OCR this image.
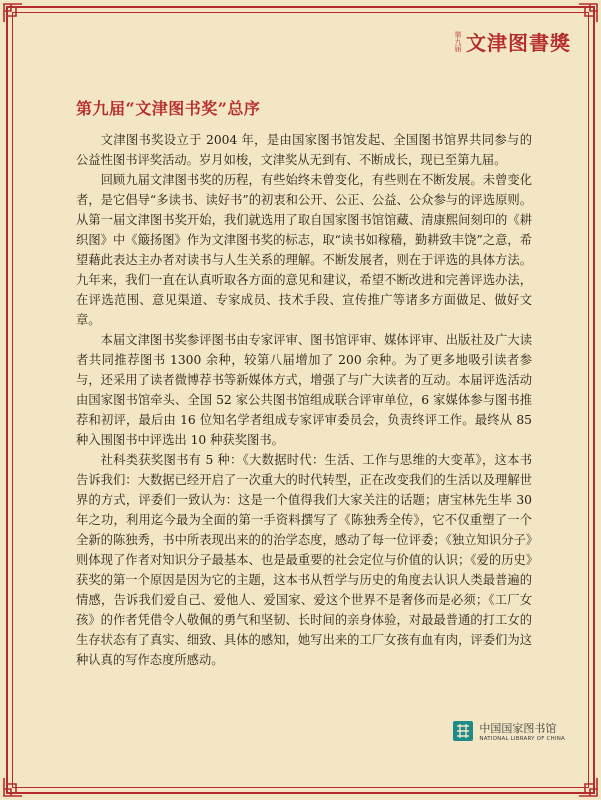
第九届 文津图書獎
第九届“文津图书奖”总序

文津图书奖设立于 2004 年，是由国家图书馆发起、全国图书馆界共同参与的公益性图书评奖活动。岁月如梭，文津奖从无到有、不断成长，现已至第九届。

回顾九届文津图书奖的历程，有些始终未曾变化，有些则在不断发展。未曾变化者，是它倡导“多读书、读好书”的初衷和公开、公正、公益、公众参与的评选原则。从第一届文津图书奖开始，我们就选用了取自国家图书馆馆藏、清康熙间刻印的《耕织图》中《簸扬图》作为文津图书奖的标志，取“读书如稼穑，勤耕致丰饶”之意，希望藉此表达主办者对读书与人生关系的理解。不断发展者，则在于评选的具体方法。九年来，我们一直在认真听取各方面的意见和建议，希望不断改进和完善评选办法，在评选范围、意见渠道、专家成员、技术手段、宣传推广等诸多方面做足、做好文章。

本届文津图书奖参评图书由专家评审、图书馆评审、媒体评审、出版社及广大读者共同推荐图书 1300 余种，较第八届增加了 200 余种。为了更多地吸引读者参与，还采用了读者微博荐书等新媒体方式，增强了与广大读者的互动。本届评选活动由国家图书馆牵头、全国 52 家公共图书馆组成联合评审单位，6 家媒体参与图书推荐和初评，最后由 16 位知名学者组成专家评审委员会，负责终评工作。最终从 85 种入围图书中评选出 10 种获奖图书。

社科类获奖图书有 5 种：《大数据时代：生活、工作与思维的大变革》，这本书告诉我们：大数据已经开启了一次重大的时代转型，正在改变我们的生活以及理解世界的方式，评委们一致认为：这是一个值得我们大家关注的话题；唐宝林先生毕 30 年之功，利用迄今最为全面的第一手资料撰写了《陈独秀全传》，它不仅重塑了一个全新的陈独秀，书中所表现出来的的治学态度，感动了每一位评委；《独立知识分子》则体现了作者对知识分子最基本、也是最重要的社会定位与价值的认识；《爱的历史》获奖的第一个原因是因为它的主题，这本书从哲学与历史的角度去认识人类最普遍的情感，告诉我们爱自己、爱他人、爱国家、爱这个世界不是奢侈而是必须；《工厂女孩》的作者凭借令人敬佩的勇气和坚韧、长时间的亲身体验，对最最普通的打工女的生存状态有了真实、细致、具体的感知，她写出来的工厂女孩有血有肉，评委们为这种认真的写作态度所感动。

中国国家图书馆
NATIONAL LIBRARY OF CHINA
